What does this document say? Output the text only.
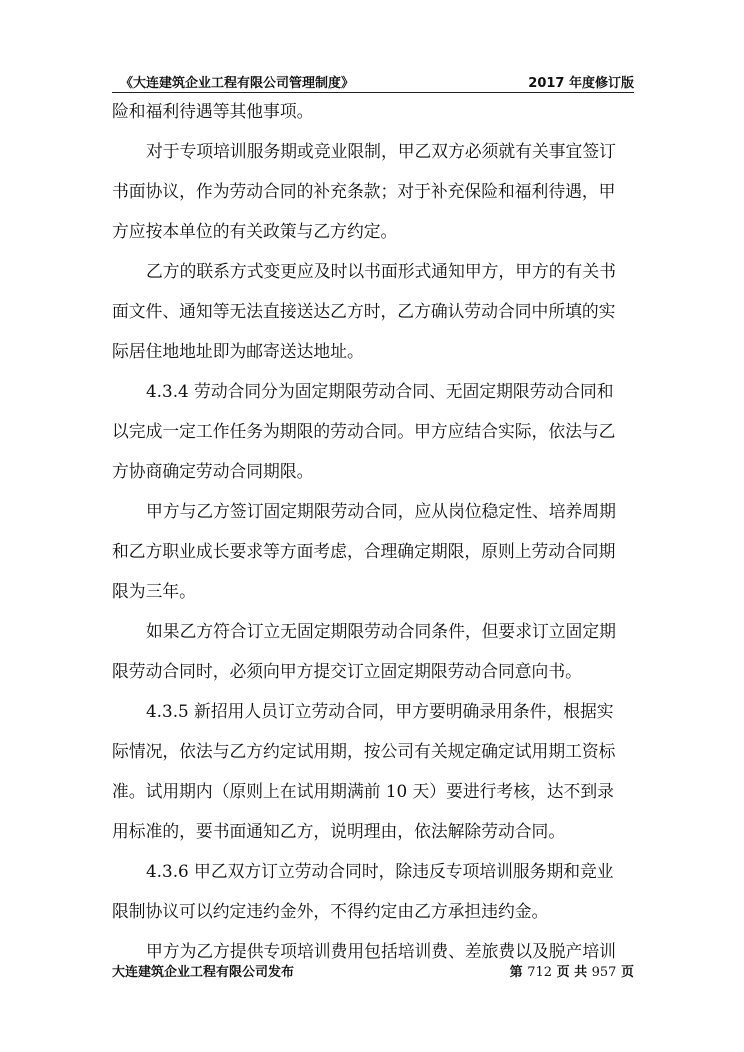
《大连建筑企业工程有限公司管理制度》	2017 年度修订版
险和福利待遇等其他事项。
对于专项培训服务期或竞业限制，甲乙双方必须就有关事宜签订
书面协议，作为劳动合同的补充条款；对于补充保险和福利待遇，甲
方应按本单位的有关政策与乙方约定。
乙方的联系方式变更应及时以书面形式通知甲方，甲方的有关书
面文件、通知等无法直接送达乙方时，乙方确认劳动合同中所填的实
际居住地地址即为邮寄送达地址。
4.3.4 劳动合同分为固定期限劳动合同、无固定期限劳动合同和
以完成一定工作任务为期限的劳动合同。甲方应结合实际，依法与乙
方协商确定劳动合同期限。
甲方与乙方签订固定期限劳动合同，应从岗位稳定性、培养周期
和乙方职业成长要求等方面考虑，合理确定期限，原则上劳动合同期
限为三年。
如果乙方符合订立无固定期限劳动合同条件，但要求订立固定期
限劳动合同时，必须向甲方提交订立固定期限劳动合同意向书。
4.3.5 新招用人员订立劳动合同，甲方要明确录用条件，根据实
际情况，依法与乙方约定试用期，按公司有关规定确定试用期工资标
准。试用期内（原则上在试用期满前 10 天）要进行考核，达不到录
用标准的，要书面通知乙方，说明理由，依法解除劳动合同。
4.3.6 甲乙双方订立劳动合同时，除违反专项培训服务期和竞业
限制协议可以约定违约金外，不得约定由乙方承担违约金。
甲方为乙方提供专项培训费用包括培训费、差旅费以及脱产培训
大连建筑企业工程有限公司发布	第 712 页 共 957 页
